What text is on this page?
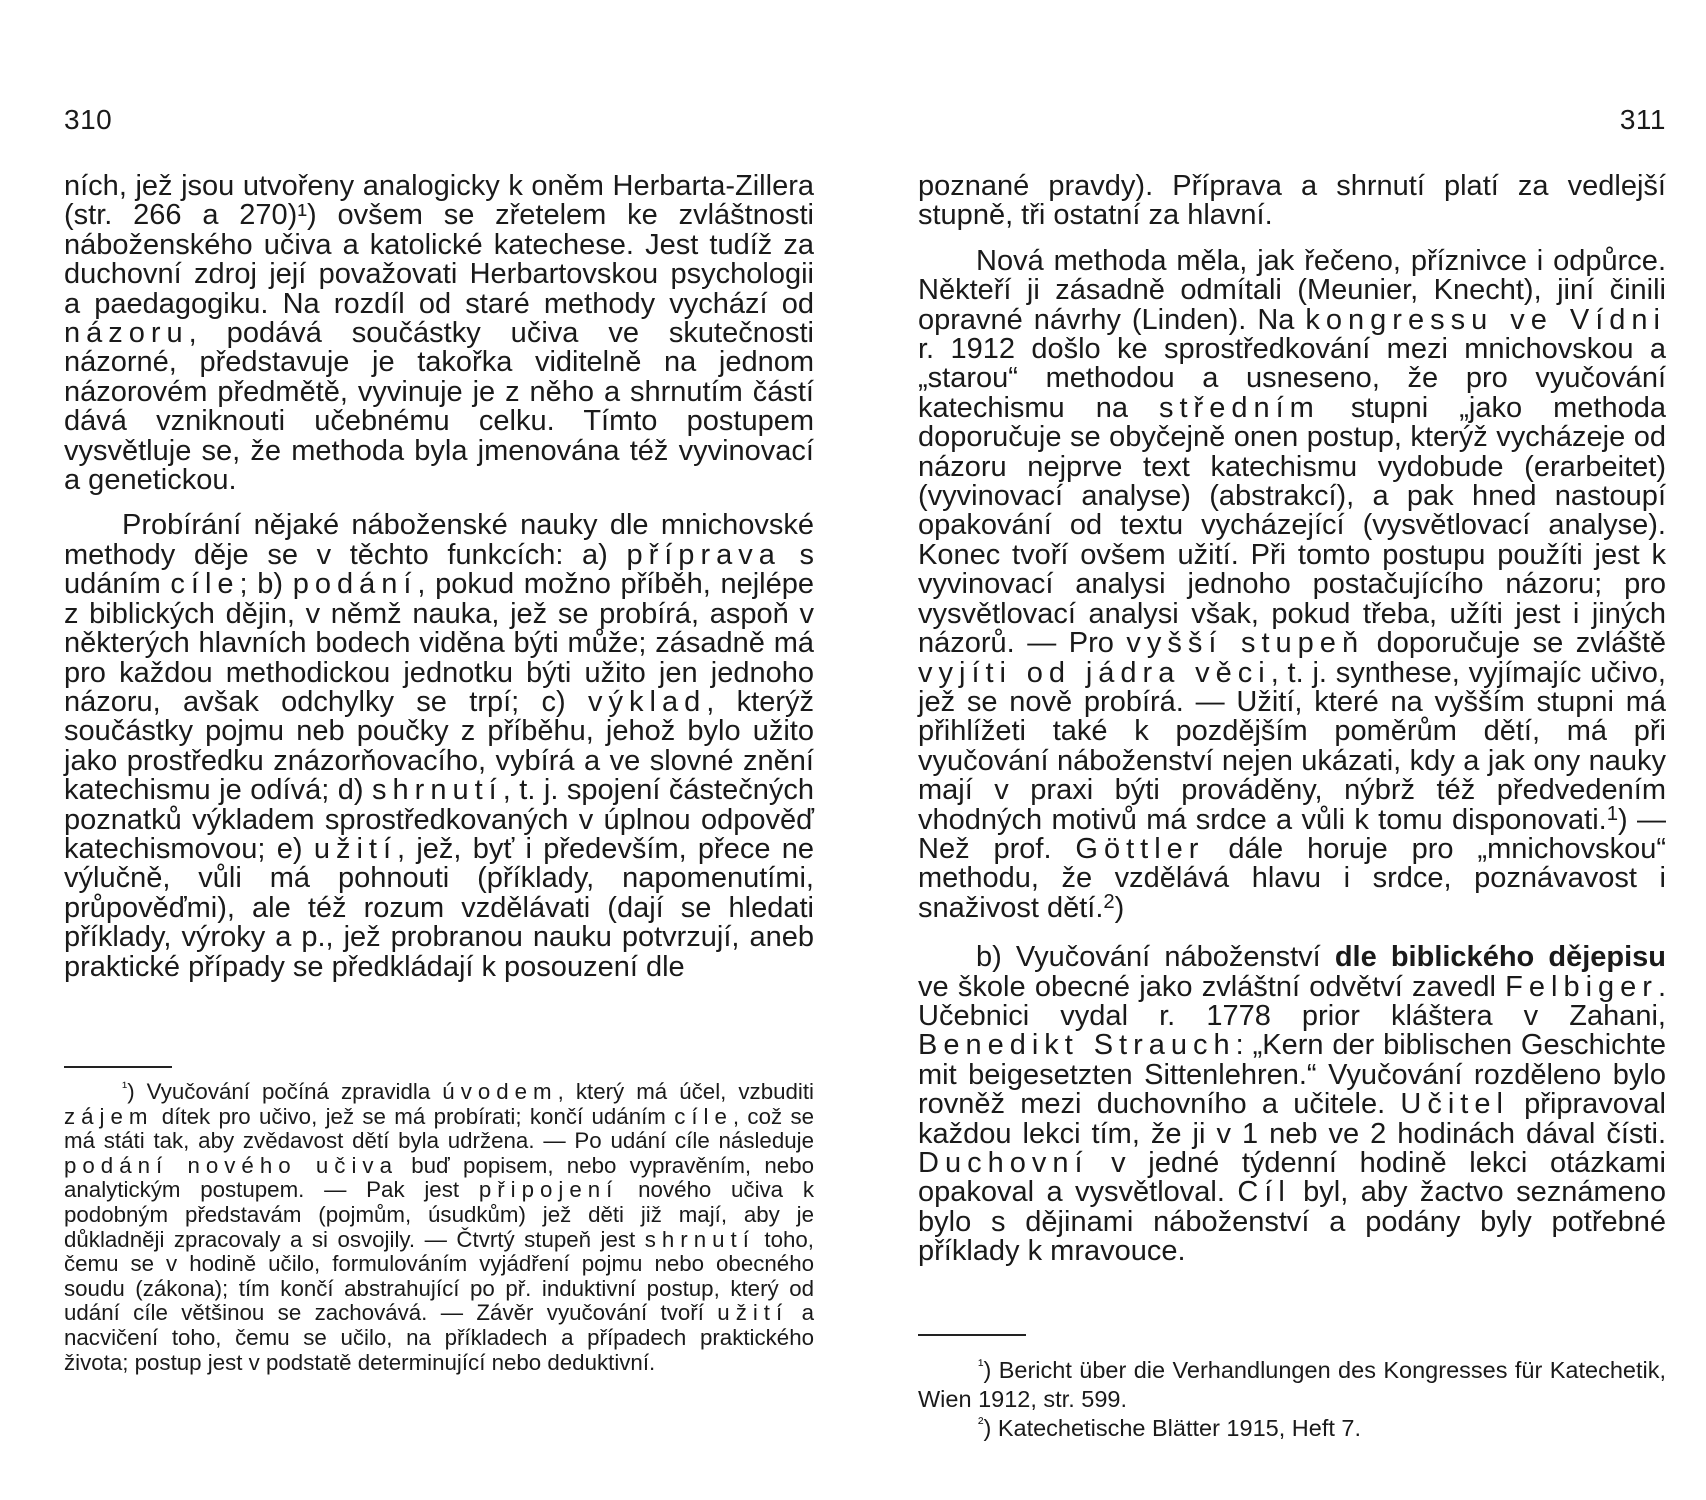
310

ních, jež jsou utvořeny analogicky k oněm Herbarta-Zillera (str. 266 a 270)¹) ovšem se zřetelem ke zvláštnosti náboženského učiva a katolické katechese. Jest tudíž za duchovní zdroj její považovati Herbartovskou psychologii a paedagogiku. Na rozdíl od staré methody vychází od názoru, podává součástky učiva ve skutečnosti názorné, představuje je takořka viditelně na jednom názorovém předmětě, vyvinuje je z něho a shrnutím částí dává vzniknouti učebnému celku. Tímto postupem vysvětluje se, že methoda byla jmenována též vyvinovací a genetickou.

Probírání nějaké náboženské nauky dle mnichovské methody děje se v těchto funkcích: a) příprava s udáním cíle; b) podání, pokud možno příběh, nejlépe z biblických dějin, v němž nauka, jež se probírá, aspoň v některých hlavních bodech viděna býti může; zásadně má pro každou methodickou jednotku býti užito jen jednoho názoru, avšak odchylky se trpí; c) výklad, kterýž součástky pojmu neb poučky z příběhu, jehož bylo užito jako prostředku znázorňovacího, vybírá a ve slovné znění katechismu je odívá; d) shrnutí, t. j. spojení částečných poznatků výkladem sprostředkovaných v úplnou odpověď katechismovou; e) užití, jež, byť i především, přece ne výlučně, vůli má pohnouti (příklady, napomenutími, průpověďmi), ale též rozum vzdělávati (dají se hledati příklady, výroky a p., jež probranou nauku potvrzují, aneb praktické případy se předkládají k posouzení dle

$^{^1}$) Vyučování počíná zpravidla úvodem, který má účel, vzbuditi zájem dítek pro učivo, jež se má probírati; končí udáním cíle, což se má státi tak, aby zvědavost dětí byla udržena. — Po udání cíle následuje podání nového učiva buď popisem, nebo vypravěním, nebo analytickým postupem. — Pak jest připojení nového učiva k podobným představám (pojmům, úsudkům) jež děti již mají, aby je důkladněji zpracovaly a si osvojily. — Čtvrtý stupeň jest shrnutí toho, čemu se v hodině učilo, formulováním vyjádření pojmu nebo obecného soudu (zákona); tím končí abstrahující po př. induktivní postup, který od udání cíle většinou se zachovává. — Závěr vyučování tvoří užití a nacvičení toho, čemu se učilo, na příkladech a případech praktického života; postup jest v podstatě determinující nebo deduktivní.

311

poznané pravdy). Příprava a shrnutí platí za vedlejší stupně, tři ostatní za hlavní.

Nová methoda měla, jak řečeno, příznivce i odpůrce. Někteří ji zásadně odmítali (Meunier, Knecht), jiní činili opravné návrhy (Linden). Na kongressu ve Vídni r. 1912 došlo ke sprostředkování mezi mnichovskou a „starou“ methodou a usneseno, že pro vyučování katechismu na středním stupni „jako methoda doporučuje se obyčejně onen postup, kterýž vycházeje od názoru nejprve text katechismu vydobude (erarbeitet) (vyvinovací analyse) (abstrakcí), a pak hned nastoupí opakování od textu vycházející (vysvětlovací analyse). Konec tvoří ovšem užití. Při tomto postupu použíti jest k vyvinovací analysi jednoho postačujícího názoru; pro vysvětlovací analysi však, pokud třeba, užíti jest i jiných názorů. — Pro vyšší stupeň doporučuje se zvláště vyjíti od jádra věci, t. j. synthese, vyjímajíc učivo, jež se nově probírá. — Užití, které na vyšším stupni má přihlížeti také k pozdějším poměrům dětí, má při vyučování náboženství nejen ukázati, kdy a jak ony nauky mají v praxi býti prováděny, nýbrž též předvedením vhodných motivů má srdce a vůli k tomu disponovati.$^1$) — Než prof. Göttler dále horuje pro „mnichovskou“ methodu, že vzdělává hlavu i srdce, poznávavost i snaživost dětí.$^2$)

b) Vyučování náboženství dle biblického dějepisu ve škole obecné jako zvláštní odvětví zavedl Felbiger. Učebnici vydal r. 1778 prior kláštera v Zahani, Benedikt Strauch: „Kern der biblischen Geschichte mit beigesetzten Sittenlehren.“ Vyučování rozděleno bylo rovněž mezi duchovního a učitele. Učitel připravoval každou lekci tím, že ji v 1 neb ve 2 hodinách dával čísti. Duchovní v jedné týdenní hodině lekci otázkami opakoval a vysvětloval. Cíl byl, aby žactvo seznámeno bylo s dějinami náboženství a podány byly potřebné příklady k mravouce.

$^{^1}$) Bericht über die Verhandlungen des Kongresses für Katechetik, Wien 1912, str. 599.

$^{^2}$) Katechetische Blätter 1915, Heft 7.
